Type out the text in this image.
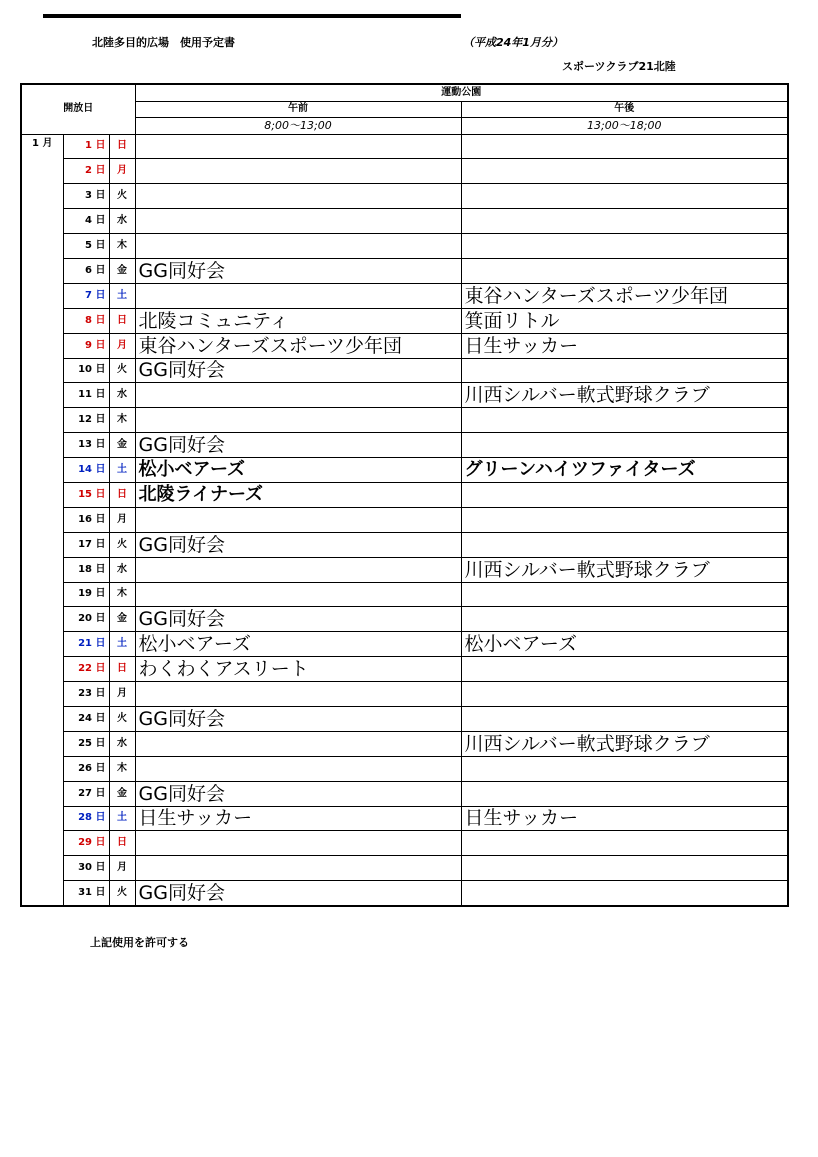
北陸多目的広場　使用予定書	（平成24年1月分）
スポーツクラブ21北陸
開放日			運動公園	
			午前	午後
			8;00～13;00	13;00～18;00
1 月	1 日	日		
	2 日	月		
	3 日	火		
	4 日	水		
	5 日	木		
	6 日	金	GG同好会	
	7 日	土		東谷ハンターズスポーツ少年団
	8 日	日	北陵コミュニティ	箕面リトル
	9 日	月	東谷ハンターズスポーツ少年団	日生サッカー
	10 日	火	GG同好会	
	11 日	水		川西シルバー軟式野球クラブ
	12 日	木		
	13 日	金	GG同好会	
	14 日	土	松小ベアーズ	グリーンハイツファイターズ
	15 日	日	北陵ライナーズ	
	16 日	月		
	17 日	火	GG同好会	
	18 日	水		川西シルバー軟式野球クラブ
	19 日	木		
	20 日	金	GG同好会	
	21 日	土	松小ベアーズ	松小ベアーズ
	22 日	日	わくわくアスリート	
	23 日	月		
	24 日	火	GG同好会	
	25 日	水		川西シルバー軟式野球クラブ
	26 日	木		
	27 日	金	GG同好会	
	28 日	土	日生サッカー	日生サッカー
	29 日	日		
	30 日	月		
	31 日	火	GG同好会	
上記使用を許可する
